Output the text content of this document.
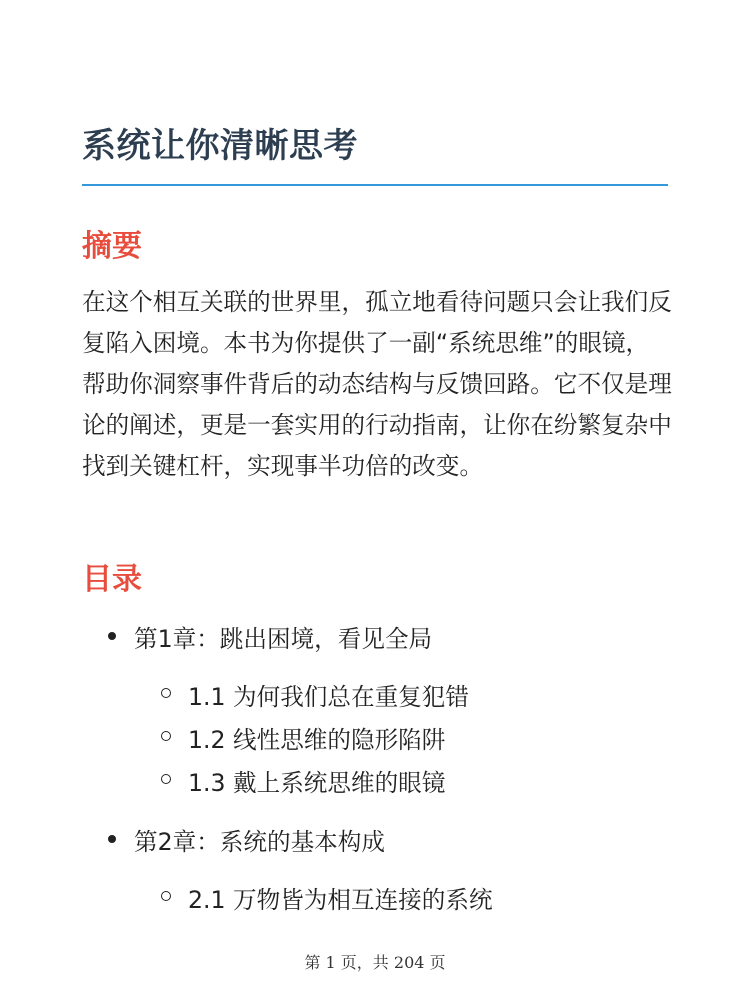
系统让你清晰思考
摘要

在这个相互关联的世界里，孤立地看待问题只会让我们反复陷入困境。本书为你提供了一副“系统思维”的眼镜，帮助你洞察事件背后的动态结构与反馈回路。它不仅是理论的阐述，更是一套实用的行动指南，让你在纷繁复杂中找到关键杠杆，实现事半功倍的改变。

目录
第1章：跳出困境，看见全局
1.1 为何我们总在重复犯错
1.2 线性思维的隐形陷阱
1.3 戴上系统思维的眼镜
第2章：系统的基本构成
2.1 万物皆为相互连接的系统
第 1 页，共 204 页
